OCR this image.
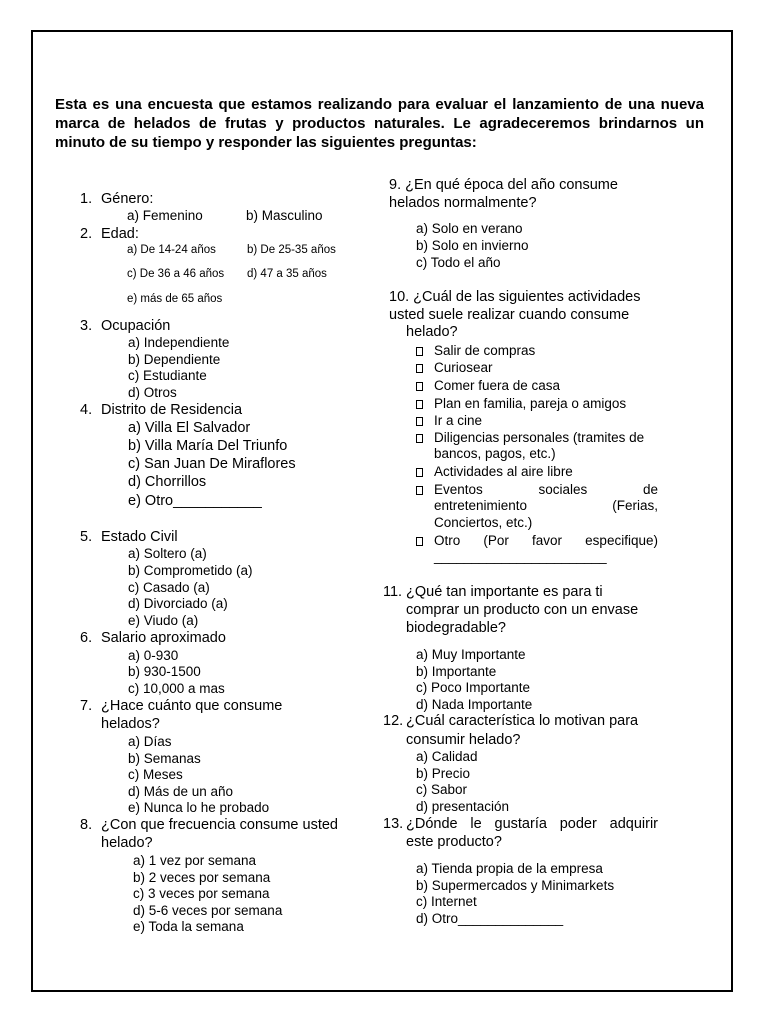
Esta es una encuesta que estamos realizando para evaluar el lanzamiento de una nueva
marca de helados de frutas y productos naturales. Le agradeceremos brindarnos un
minuto de su tiempo y responder las siguientes preguntas:
1. Género:
a) Femenino	b) Masculino
2. Edad:
a) De 14-24 años	b) De 25-35 años
c) De 36 a 46 años d) 47 a 35 años
e) más de 65 años
3. Ocupación
a) Independiente
b) Dependiente
c) Estudiante
d) Otros
4. Distrito de Residencia
a) Villa El Salvador
b) Villa María Del Triunfo
c) San Juan De Miraflores
d) Chorrillos
e) Otro___________
5. Estado Civil
a) Soltero (a)
b) Comprometido (a)
c) Casado (a)
d) Divorciado (a)
e) Viudo (a)
6. Salario aproximado
a) 0-930
b) 930-1500
c) 10,000 a mas
7. ¿Hace cuánto que consume
helados?
a) Días
b) Semanas
c) Meses
d) Más de un año
e) Nunca lo he probado
8. ¿Con que frecuencia consume usted
helado?
a) 1 vez por semana
b) 2 veces por semana
c) 3 veces por semana
d) 5-6 veces por semana
e) Toda la semana
9. ¿En qué época del año consume
helados normalmente?
a) Solo en verano
b) Solo en invierno
c) Todo el año
10. ¿Cuál de las siguientes actividades
usted suele realizar cuando consume
helado?
Salir de compras
Curiosear
Comer fuera de casa
Plan en familia, pareja o amigos
Ir a cine
Diligencias personales (tramites de
bancos, pagos, etc.)
Actividades al aire libre
Eventos	sociales	de
entretenimiento	(Ferias,
Conciertos, etc.)
Otro (Por favor especifique)
_______________________
11. ¿Qué tan importante es para ti
comprar un producto con un envase
biodegradable?
a) Muy Importante
b) Importante
c) Poco Importante
d) Nada Importante
12. ¿Cuál característica lo motivan para
consumir helado?
a) Calidad
b) Precio
c) Sabor
d) presentación
13. ¿Dónde le gustaría poder adquirir
este producto?
a) Tienda propia de la empresa
b) Supermercados y Minimarkets
c) Internet
d) Otro______________
